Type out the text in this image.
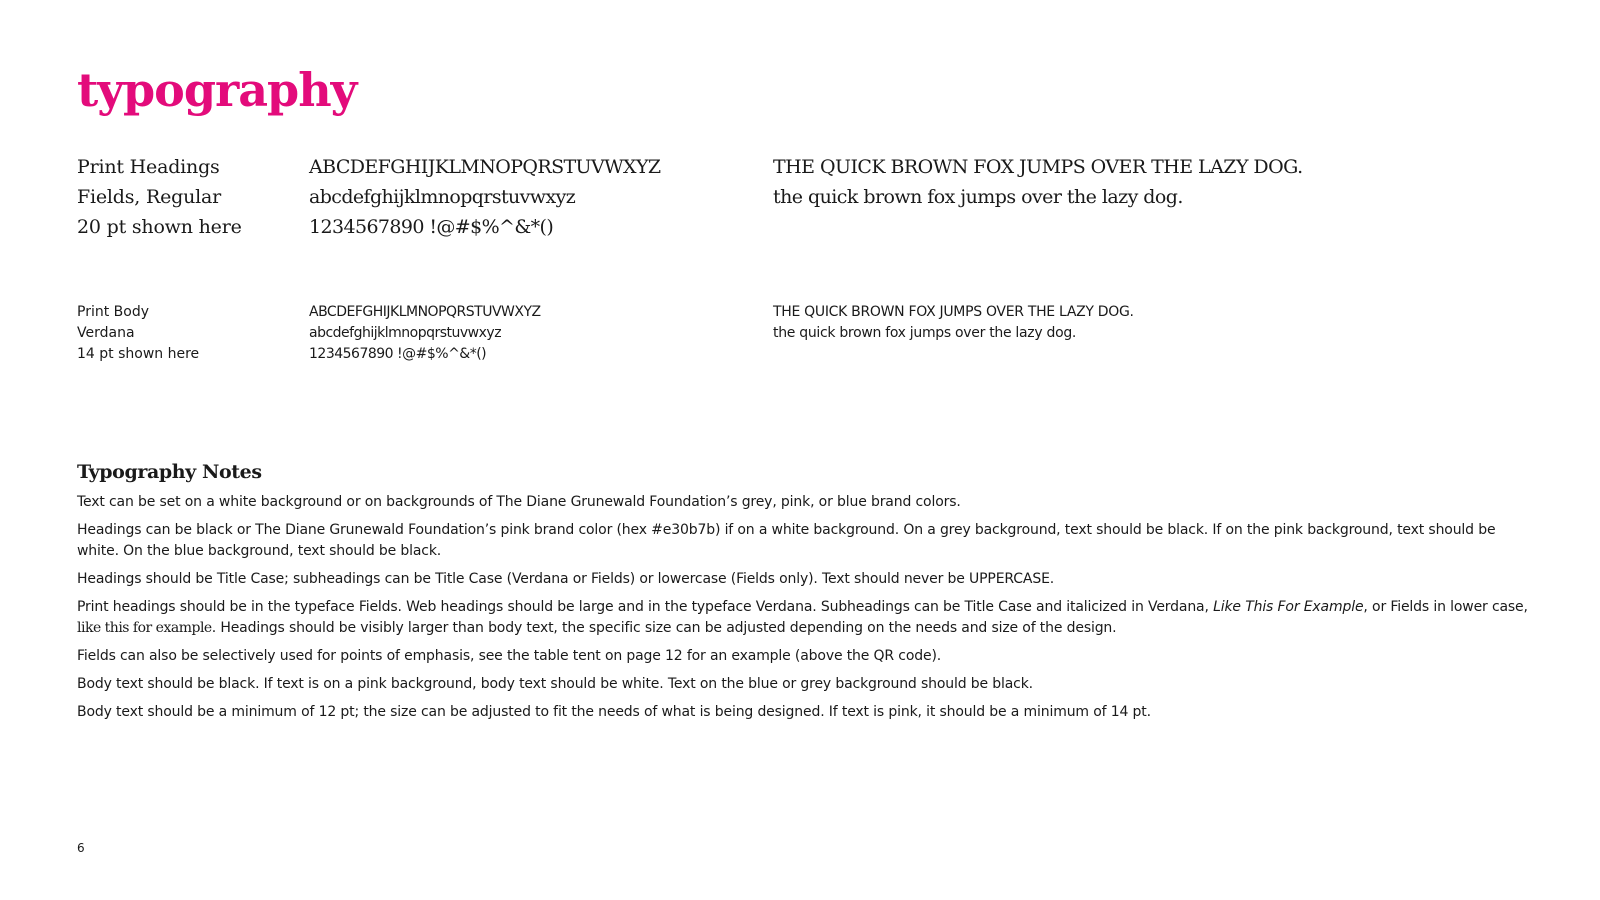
typography
Print Headings
Fields, Regular
20 pt shown here
ABCDEFGHIJKLMNOPQRSTUVWXYZ
abcdefghijklmnopqrstuvwxyz
1234567890 !@#$%^&*()
THE QUICK BROWN FOX JUMPS OVER THE LAZY DOG.
the quick brown fox jumps over the lazy dog.
Print Body
Verdana
14 pt shown here
ABCDEFGHIJKLMNOPQRSTUVWXYZ
abcdefghijklmnopqrstuvwxyz
1234567890 !@#$%^&*()
THE QUICK BROWN FOX JUMPS OVER THE LAZY DOG.
the quick brown fox jumps over the lazy dog.
Typography Notes

Text can be set on a white background or on backgrounds of The Diane Grunewald Foundation’s grey, pink, or blue brand colors.

Headings can be black or The Diane Grunewald Foundation’s pink brand color (hex #e30b7b) if on a white background. On a grey background, text should be black. If on the pink background, text should be white. On the blue background, text should be black.

Headings should be Title Case; subheadings can be Title Case (Verdana or Fields) or lowercase (Fields only). Text should never be UPPERCASE.

Print headings should be in the typeface Fields. Web headings should be large and in the typeface Verdana. Subheadings can be Title Case and italicized in Verdana, Like This For Example, or Fields in lower case, like this for example. Headings should be visibly larger than body text, the specific size can be adjusted depending on the needs and size of the design.

Fields can also be selectively used for points of emphasis, see the table tent on page 12 for an example (above the QR code).

Body text should be black. If text is on a pink background, body text should be white. Text on the blue or grey background should be black.

Body text should be a minimum of 12 pt; the size can be adjusted to fit the needs of what is being designed. If text is pink, it should be a minimum of 14 pt.

6
